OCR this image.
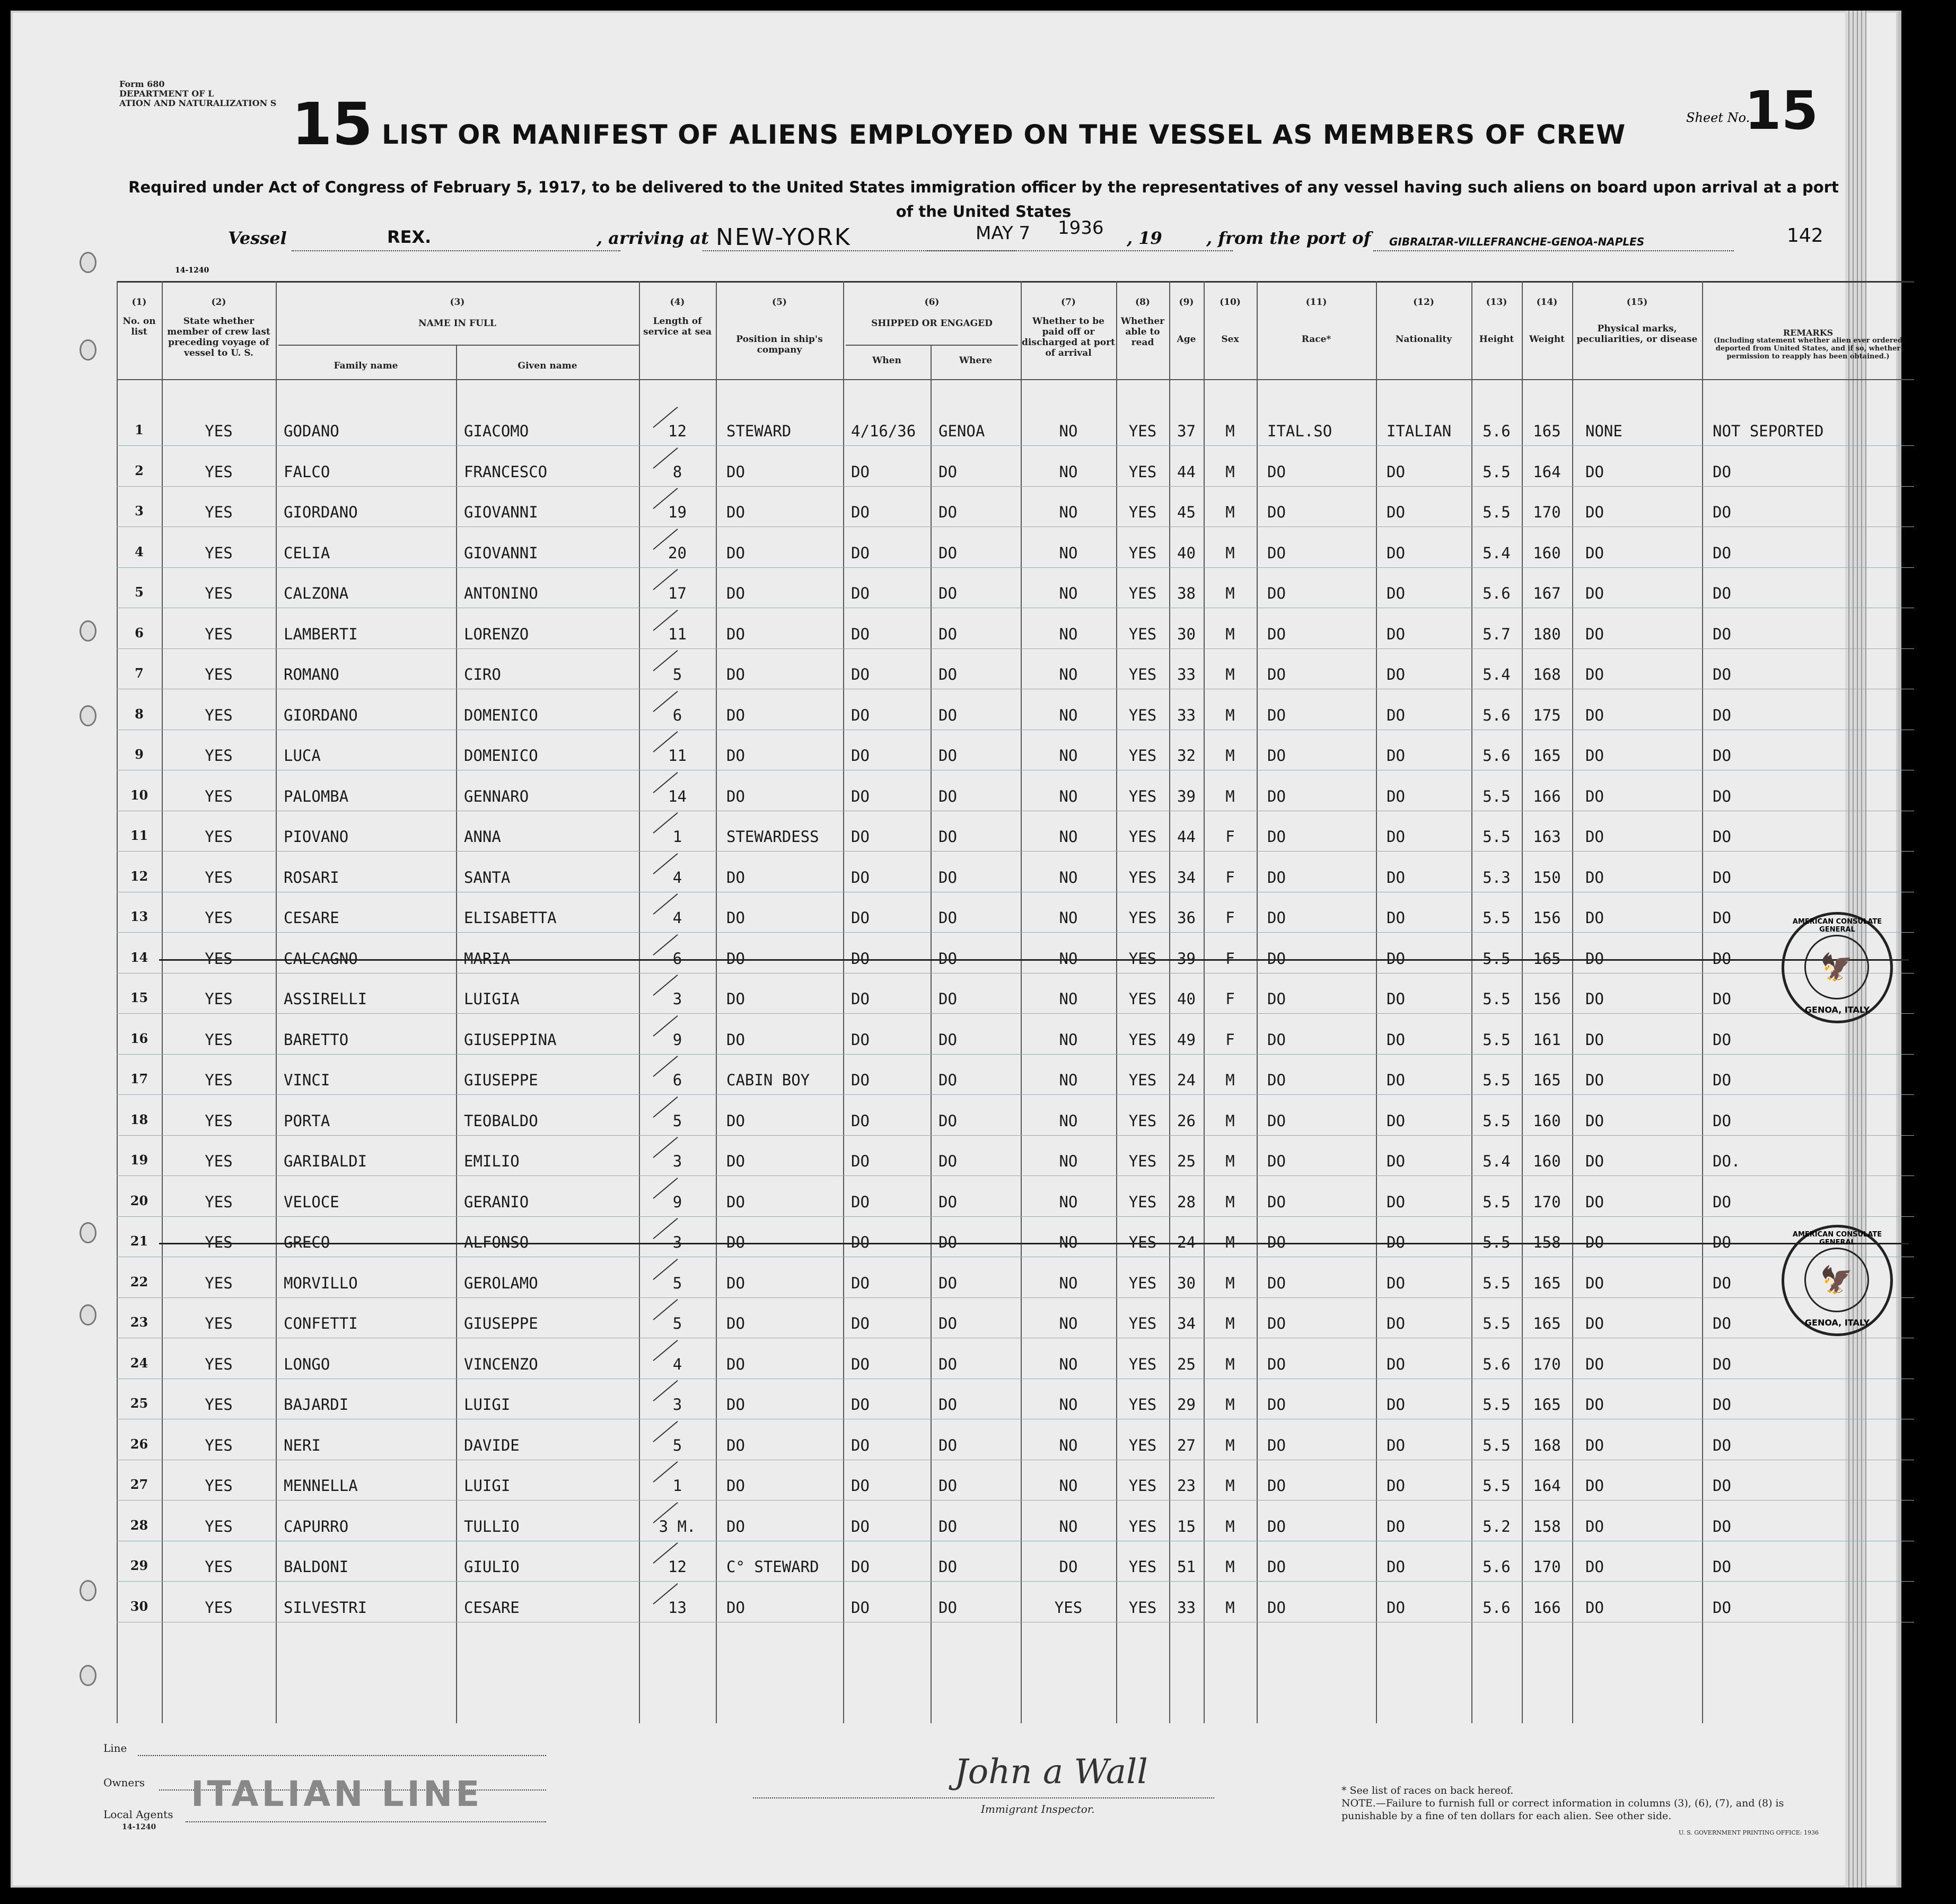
Form 680
DEPARTMENT OF L
ATION AND NATURALIZATION S 15 LIST OR MANIFEST OF ALIENS EMPLOYED ON THE VESSEL AS MEMBERS OF CREW
Required under Act of Congress of February 5, 1917, to be delivered to the United States immigration officer by the representatives of any vessel having such aliens on board upon arrival at a port of the United States
Sheet No.
15
Vessel	REX.	, arriving at NEW-YORK	MAY 7 1936 , 19	, from the port of GIBRALTAR-VILLEFRANCHE-GENOA-NAPLES	142
14-1240
(1)
No. on list
(2)
State whether member of crew last preceding voyage of vessel to U. S.
(3)
NAME IN FULL
Family name	Given name
(4)
Length of service at sea
(5)
Position in ship's company
(6)
SHIPPED OR ENGAGED
When	Where
(7)
Whether to be paid off or discharged at port of arrival
(8)
Whether able to read
(9)
Age
(10)
Sex
(11)
Race*
(12)
Nationality
(13)
Height
(14)
Weight
(15)
Physical marks, peculiarities, or disease
REMARKS
(Including statement whether alien ever ordered deported from United States, and if so, whether permission to reapply has been obtained.)
1	YES	GODANO	GIACOMO	12	STEWARD	4/16/36 GENOA	NO	YES	37	M	ITAL.SO	ITALIAN	5.6	165	NONE	NOT SEPORTED
2	YES	FALCO	FRANCESCO	8	DO	DO	DO	NO	YES	44	M	DO	DO	5.5	164	DO	DO
3	YES	GIORDANO	GIOVANNI	19	DO	DO	DO	NO	YES	45	M	DO	DO	5.5	170	DO	DO
4	YES	CELIA	GIOVANNI	20	DO	DO	DO	NO	YES	40	M	DO	DO	5.4	160	DO	DO
5	YES	CALZONA	ANTONINO	17	DO	DO	DO	NO	YES	38	M	DO	DO	5.6	167	DO	DO
6	YES	LAMBERTI	LORENZO	11	DO	DO	DO	NO	YES	30	M	DO	DO	5.7	180	DO	DO
7	YES	ROMANO	CIRO	5	DO	DO	DO	NO	YES	33	M	DO	DO	5.4	168	DO	DO
8	YES	GIORDANO	DOMENICO	6	DO	DO	DO	NO	YES	33	M	DO	DO	5.6	175	DO	DO
9	YES	LUCA	DOMENICO	11	DO	DO	DO	NO	YES	32	M	DO	DO	5.6	165	DO	DO
10	YES	PALOMBA	GENNARO	14	DO	DO	DO	NO	YES	39	M	DO	DO	5.5	166	DO	DO
11	YES	PIOVANO	ANNA	1	STEWARDESS DO	DO	NO	YES	44	F	DO	DO	5.5	163	DO	DO
12	YES	ROSARI	SANTA	4	DO	DO	DO	NO	YES	34	F	DO	DO	5.3	150	DO	DO
13	YES	CESARE	ELISABETTA	4	DO	DO	DO	NO	YES	36	F	DO	DO	5.5	156	DO	DO
14	YES	CALCAGNO	MARIA	6	DO	DO	DO	NO	YES	39	F	DO	DO	5.5	165	DO	DO
15	YES	ASSIRELLI	LUIGIA	3	DO	DO	DO	NO	YES	40	F	DO	DO	5.5	156	DO	DO
16	YES	BARETTO	GIUSEPPINA	9	DO	DO	DO	NO	YES	49	F	DO	DO	5.5	161	DO	DO
17	YES	VINCI	GIUSEPPE	6	CABIN BOY	DO	DO	NO	YES	24	M	DO	DO	5.5	165	DO	DO
18	YES	PORTA	TEOBALDO	5	DO	DO	DO	NO	YES	26	M	DO	DO	5.5	160	DO	DO
19	YES	GARIBALDI	EMILIO	3	DO	DO	DO	NO	YES	25	M	DO	DO	5.4	160	DO	DO.
20	YES	VELOCE	GERANIO	9	DO	DO	DO	NO	YES	28	M	DO	DO	5.5	170	DO	DO
21	YES	GRECO	ALFONSO	3	DO	DO	DO	NO	YES	24	M	DO	DO	5.5	158	DO	DO
22	YES	MORVILLO	GEROLAMO	5	DO	DO	DO	NO	YES	30	M	DO	DO	5.5	165	DO	DO
23	YES	CONFETTI	GIUSEPPE	5	DO	DO	DO	NO	YES	34	M	DO	DO	5.5	165	DO	DO
24	YES	LONGO	VINCENZO	4	DO	DO	DO	NO	YES	25	M	DO	DO	5.6	170	DO	DO
25	YES	BAJARDI	LUIGI	3	DO	DO	DO	NO	YES	29	M	DO	DO	5.5	165	DO	DO
26	YES	NERI	DAVIDE	5	DO	DO	DO	NO	YES	27	M	DO	DO	5.5	168	DO	DO
27	YES	MENNELLA	LUIGI	1	DO	DO	DO	NO	YES	23	M	DO	DO	5.5	164	DO	DO
28	YES	CAPURRO	TULLIO	3 M.	DO	DO	DO	NO	YES	15	M	DO	DO	5.2	158	DO	DO
29	YES	BALDONI	GIULIO	12	C° STEWARD DO	DO	DO	YES	51	M	DO	DO	5.6	170	DO	DO
30	YES	SILVESTRI	CESARE	13	DO	DO	DO	YES	YES	33	M	DO	DO	5.6	166	DO	DO
🦅
GENOA, ITALY
AMERICAN CONSULATE GENERAL
🦅
GENOA, ITALY
AMERICAN CONSULATE GENERAL
Line
Owners ITALIAN LINE
Local Agents
14-1240
John a Wall
Immigrant Inspector.
* See list of races on back hereof.
NOTE.—Failure to furnish full or correct information in columns (3), (6), (7), and (8) is punishable by a fine of ten dollars for each alien. See other side.
U. S. GOVERNMENT PRINTING OFFICE: 1936
